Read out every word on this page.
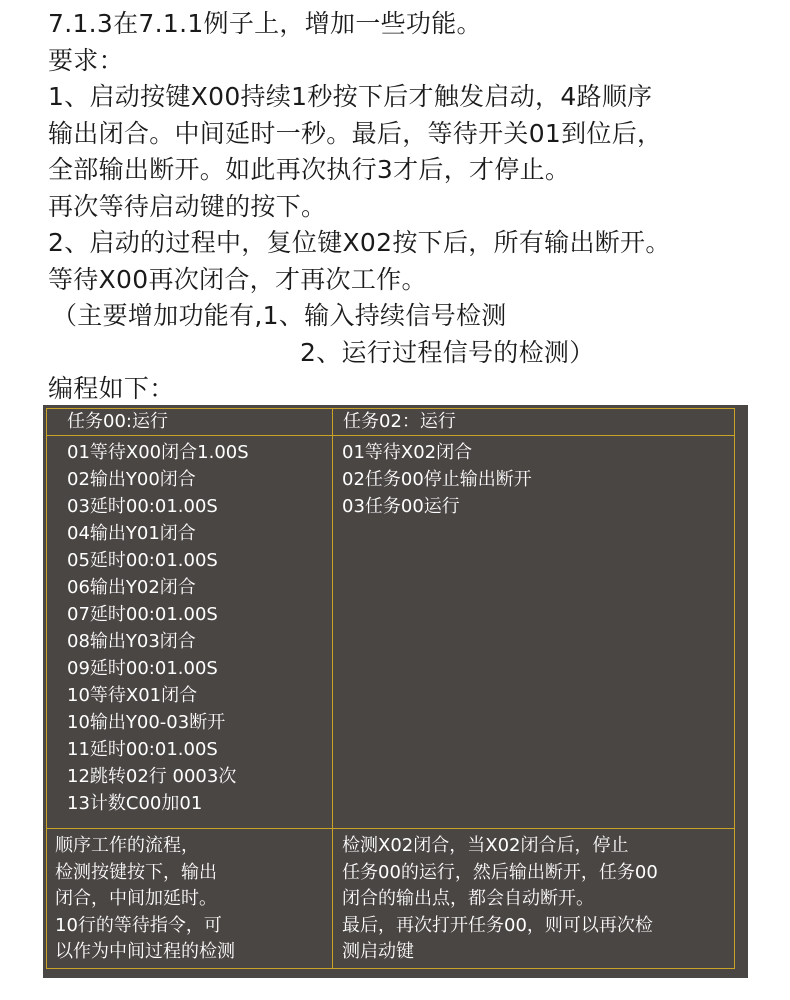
7.1.3在7.1.1例子上，增加一些功能。
要求：
1、启动按键X00持续1秒按下后才触发启动，4路顺序
输出闭合。中间延时一秒。最后，等待开关01到位后，
全部输出断开。如此再次执行3才后，才停止。
再次等待启动键的按下。
2、启动的过程中，复位键X02按下后，所有输出断开。
等待X00再次闭合，才再次工作。
（主要增加功能有,1、输入持续信号检测
2、运行过程信号的检测）
编程如下：
任务00:运行	任务02：运行
01等待X00闭合1.00S
02输出Y00闭合
03延时00:01.00S
04输出Y01闭合
05延时00:01.00S
06输出Y02闭合
07延时00:01.00S
08输出Y03闭合
09延时00:01.00S
10等待X01闭合
10输出Y00-03断开
11延时00:01.00S
12跳转02行 0003次
13计数C00加01
01等待X02闭合
02任务00停止输出断开
03任务00运行
顺序工作的流程，
检测按键按下，输出
闭合，中间加延时。
10行的等待指令，可
以作为中间过程的检测
检测X02闭合，当X02闭合后，停止
任务00的运行，然后输出断开，任务00
闭合的输出点，都会自动断开。
最后，再次打开任务00，则可以再次检
测启动键
